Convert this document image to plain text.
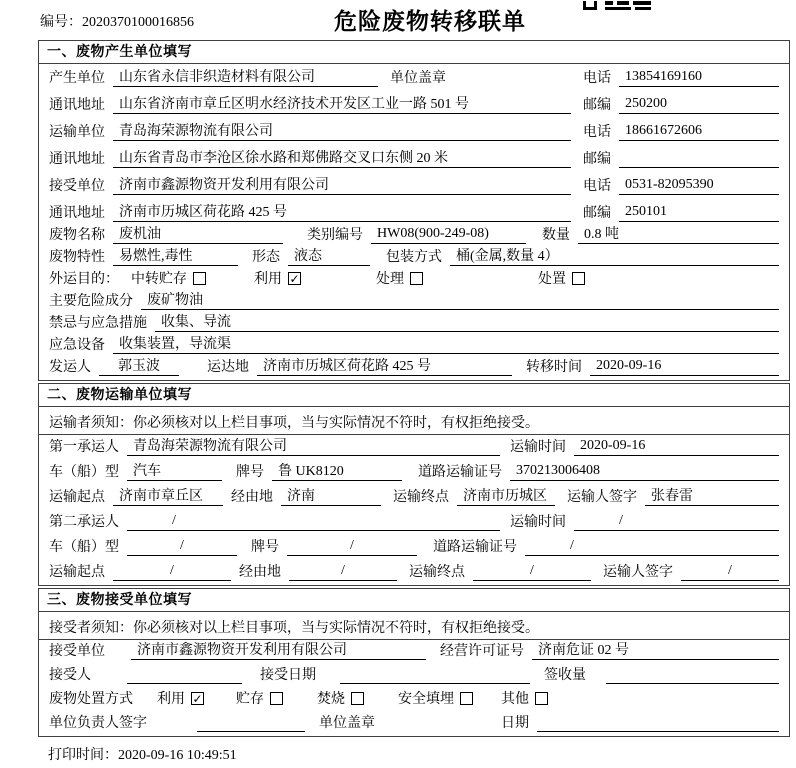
编号：2020370100016856	危险废物转移联单
一、废物产生单位填写
产生单位	山东省永信非织造材料有限公司	单位盖章	电话	13854169160
通讯地址	山东省济南市章丘区明水经济技术开发区工业一路 501 号	邮编	250200
运输单位	青岛海荣源物流有限公司	电话	18661672606
通讯地址	山东省青岛市李沧区徐水路和郑佛路交叉口东侧 20 米	邮编
接受单位	济南市鑫源物资开发利用有限公司	电话	0531-82095390
通讯地址	济南市历城区荷花路 425 号	邮编	250101
废物名称	废机油	类别编号	HW08(900-249-08)	数量	0.8 吨
废物特性	易燃性,毒性	形态	液态	包装方式	桶(金属,数量 4）
外运目的： 中转贮存	利用 ✓	处理	处置
主要危险成分	废矿物油
禁忌与应急措施	收集、导流
应急设备	收集装置，导流渠
发运人	郭玉波	运达地	济南市历城区荷花路 425 号	转移时间	2020-09-16
二、废物运输单位填写
运输者须知：你必须核对以上栏目事项，当与实际情况不符时，有权拒绝接受。
第一承运人	青岛海荣源物流有限公司	运输时间	2020-09-16
车（船）型	汽车	牌号	鲁 UK8120	道路运输证号	370213006408
运输起点	济南市章丘区	经由地	济南	运输终点	济南市历城区	运输人签字	张春雷
第二承运人	/	运输时间	/
车（船）型	/	牌号	/	道路运输证号	/
运输起点	/	经由地	/	运输终点	/	运输人签字	/
三、废物接受单位填写
接受者须知：你必须核对以上栏目事项，当与实际情况不符时，有权拒绝接受。
接受单位	济南市鑫源物资开发利用有限公司	经营许可证号	济南危证 02 号
接受人	接受日期	签收量
废物处置方式 利用 ✓ 贮存	焚烧	安全填埋	其他
单位负责人签字	单位盖章	日期
打印时间：2020-09-16 10:49:51
